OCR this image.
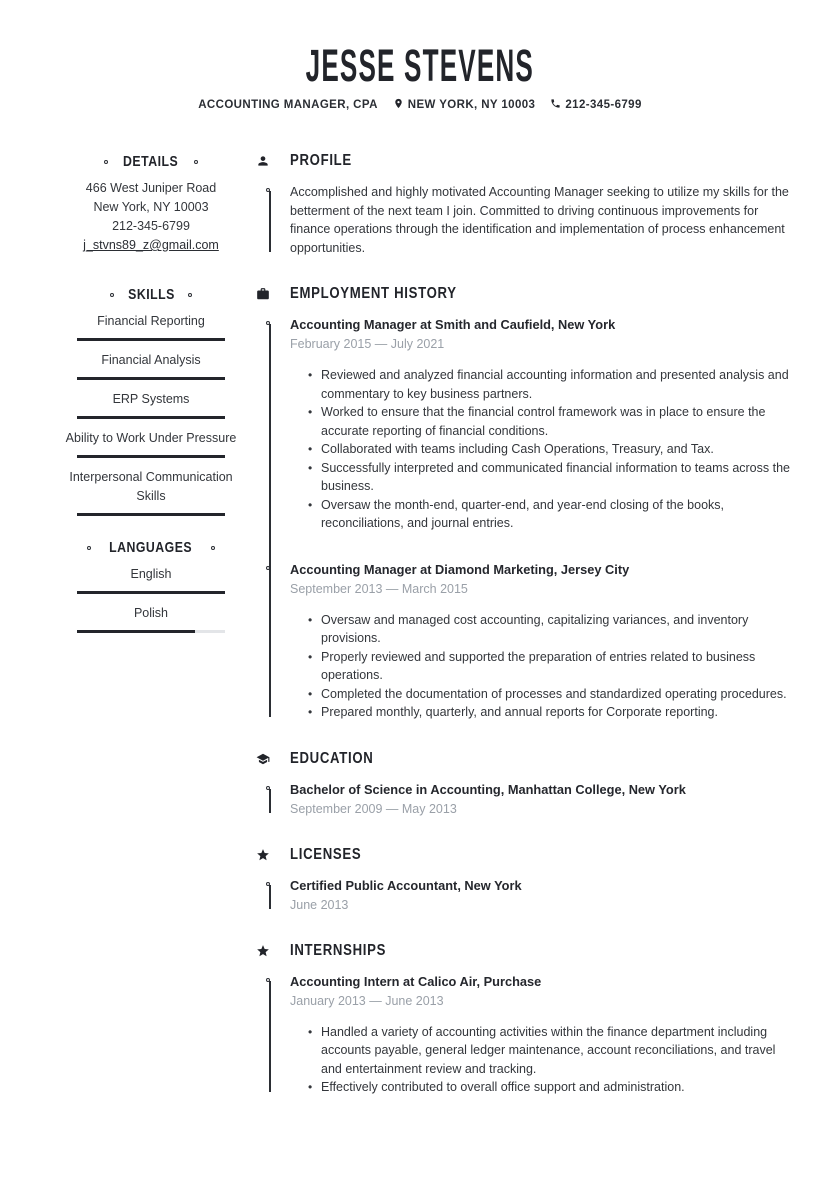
JESSE STEVENS
ACCOUNTING MANAGER, CPA	NEW YORK, NY 10003	212-345-6799
DETAILS
466 West Juniper Road
New York, NY 10003
212-345-6799
j_stvns89_z@gmail.com
SKILLS
Financial Reporting
Financial Analysis
ERP Systems
Ability to Work Under Pressure
Interpersonal Communication Skills
LANGUAGES
English
Polish
PROFILE

Accomplished and highly motivated Accounting Manager seeking to utilize my skills for the betterment of the next team I join. Committed to driving continuous improvements for finance operations through the identification and implementation of process enhancement opportunities.

EMPLOYMENT HISTORY
Accounting Manager at Smith and Caufield, New York
February 2015 — July 2021
• Reviewed and analyzed financial accounting information and presented analysis and commentary to key business partners.
• Worked to ensure that the financial control framework was in place to ensure the accurate reporting of financial conditions.
• Collaborated with teams including Cash Operations, Treasury, and Tax.
• Successfully interpreted and communicated financial information to teams across the business.
• Oversaw the month-end, quarter-end, and year-end closing of the books, reconciliations, and journal entries.
Accounting Manager at Diamond Marketing, Jersey City
September 2013 — March 2015
• Oversaw and managed cost accounting, capitalizing variances, and inventory provisions.
• Properly reviewed and supported the preparation of entries related to business operations.
• Completed the documentation of processes and standardized operating procedures.
• Prepared monthly, quarterly, and annual reports for Corporate reporting.
EDUCATION
Bachelor of Science in Accounting, Manhattan College, New York
September 2009 — May 2013
LICENSES
Certified Public Accountant, New York
June 2013
INTERNSHIPS
Accounting Intern at Calico Air, Purchase
January 2013 — June 2013
• Handled a variety of accounting activities within the finance department including accounts payable, general ledger maintenance, account reconciliations, and travel and entertainment review and tracking.
• Effectively contributed to overall office support and administration.
